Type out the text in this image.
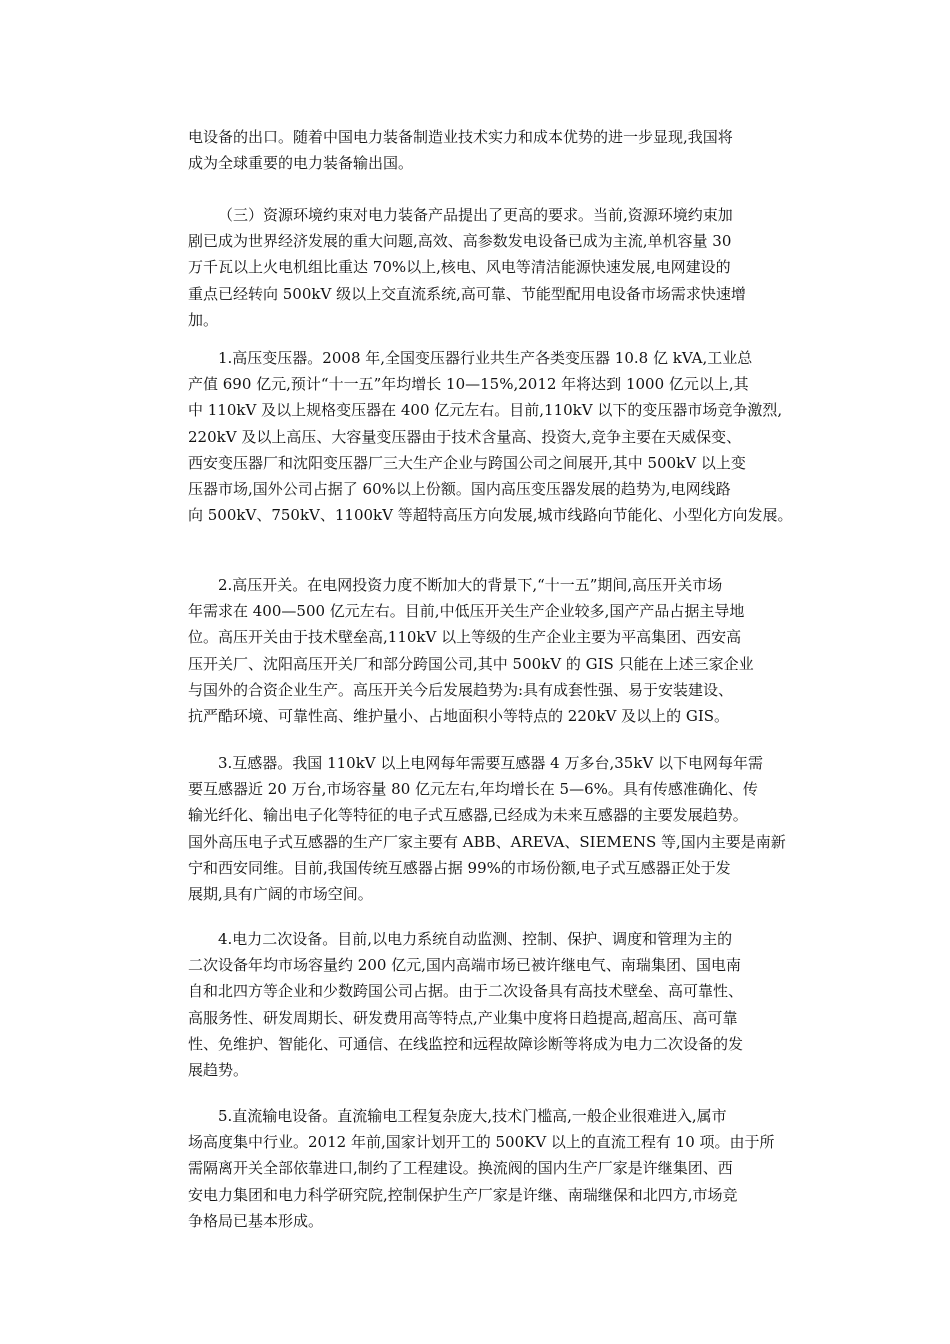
电设备的出口。随着中国电力装备制造业技术实力和成本优势的进一步显现,我国将
成为全球重要的电力装备输出国。
（三）资源环境约束对电力装备产品提出了更高的要求。当前,资源环境约束加
剧已成为世界经济发展的重大问题,高效、高参数发电设备已成为主流,单机容量 30
万千瓦以上火电机组比重达 70%以上,核电、风电等清洁能源快速发展,电网建设的
重点已经转向 500kV 级以上交直流系统,高可靠、节能型配用电设备市场需求快速增
加。
1.高压变压器。2008 年,全国变压器行业共生产各类变压器 10.8 亿 kVA,工业总
产值 690 亿元,预计“十一五”年均增长 10—15%,2012 年将达到 1000 亿元以上,其
中 110kV 及以上规格变压器在 400 亿元左右。目前,110kV 以下的变压器市场竞争激烈,
220kV 及以上高压、大容量变压器由于技术含量高、投资大,竞争主要在天威保变、
西安变压器厂和沈阳变压器厂三大生产企业与跨国公司之间展开,其中 500kV 以上变
压器市场,国外公司占据了 60%以上份额。国内高压变压器发展的趋势为,电网线路
向 500kV、750kV、1100kV 等超特高压方向发展,城市线路向节能化、小型化方向发展。
2.高压开关。在电网投资力度不断加大的背景下,“十一五”期间,高压开关市场
年需求在 400—500 亿元左右。目前,中低压开关生产企业较多,国产产品占据主导地
位。高压开关由于技术壁垒高,110kV 以上等级的生产企业主要为平高集团、西安高
压开关厂、沈阳高压开关厂和部分跨国公司,其中 500kV 的 GIS 只能在上述三家企业
与国外的合资企业生产。高压开关今后发展趋势为:具有成套性强、易于安装建设、
抗严酷环境、可靠性高、维护量小、占地面积小等特点的 220kV 及以上的 GIS。
3.互感器。我国 110kV 以上电网每年需要互感器 4 万多台,35kV 以下电网每年需
要互感器近 20 万台,市场容量 80 亿元左右,年均增长在 5—6%。具有传感准确化、传
输光纤化、输出电子化等特征的电子式互感器,已经成为未来互感器的主要发展趋势。
国外高压电子式互感器的生产厂家主要有 ABB、AREVA、SIEMENS 等,国内主要是南新
宁和西安同维。目前,我国传统互感器占据 99%的市场份额,电子式互感器正处于发
展期,具有广阔的市场空间。
4.电力二次设备。目前,以电力系统自动监测、控制、保护、调度和管理为主的
二次设备年均市场容量约 200 亿元,国内高端市场已被许继电气、南瑞集团、国电南
自和北四方等企业和少数跨国公司占据。由于二次设备具有高技术壁垒、高可靠性、
高服务性、研发周期长、研发费用高等特点,产业集中度将日趋提高,超高压、高可靠
性、免维护、智能化、可通信、在线监控和远程故障诊断等将成为电力二次设备的发
展趋势。
5.直流输电设备。直流输电工程复杂庞大,技术门槛高,一般企业很难进入,属市
场高度集中行业。2012 年前,国家计划开工的 500KV 以上的直流工程有 10 项。由于所
需隔离开关全部依靠进口,制约了工程建设。换流阀的国内生产厂家是许继集团、西
安电力集团和电力科学研究院,控制保护生产厂家是许继、南瑞继保和北四方,市场竞
争格局已基本形成。
